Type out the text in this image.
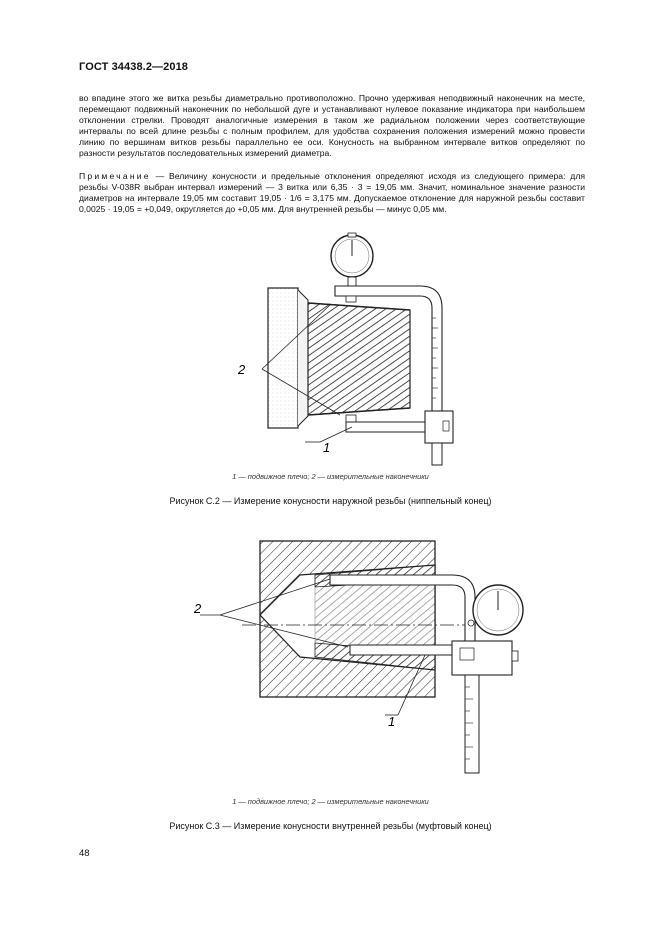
ГОСТ 34438.2—2018
во впадине этого же витка резьбы диаметрально противоположно. Прочно удерживая неподвижный наконечник на месте, перемещают подвижный наконечник по небольшой дуге и устанавливают нулевое показание индикатора при наибольшем отклонении стрелки. Проводят аналогичные измерения в таком же радиальном положении через соответствующие интервалы по всей длине резьбы с полным профилем, для удобства сохранения положения измерений можно провести линию по вершинам витков резьбы параллельно ее оси. Конусность на выбранном интервале витков определяют по разности результатов последовательных измерений диаметра.
Примечание — Величину конусности и предельные отклонения определяют исходя из следующего примера: для резьбы V-038R выбран интервал измерений — 3 витка или 6,35 · 3 = 19,05 мм. Значит, номинальное значение разности диаметров на интервале 19,05 мм составит 19,05 · 1/6 = 3,175 мм. Допускаемое отклонение для наружной резьбы составит 0,0025 · 19,05 = +0,049, округляется до +0,05 мм. Для внутренней резьбы — минус 0,05 мм.
2
1
1 — подвижное плечо; 2 — измерительные наконечники
Рисунок С.2 — Измерение конусности наружной резьбы (ниппельный конец)
2
1
1 — подвижное плечо; 2 — измерительные наконечники
Рисунок С.3 — Измерение конусности внутренней резьбы (муфтовый конец)
48
